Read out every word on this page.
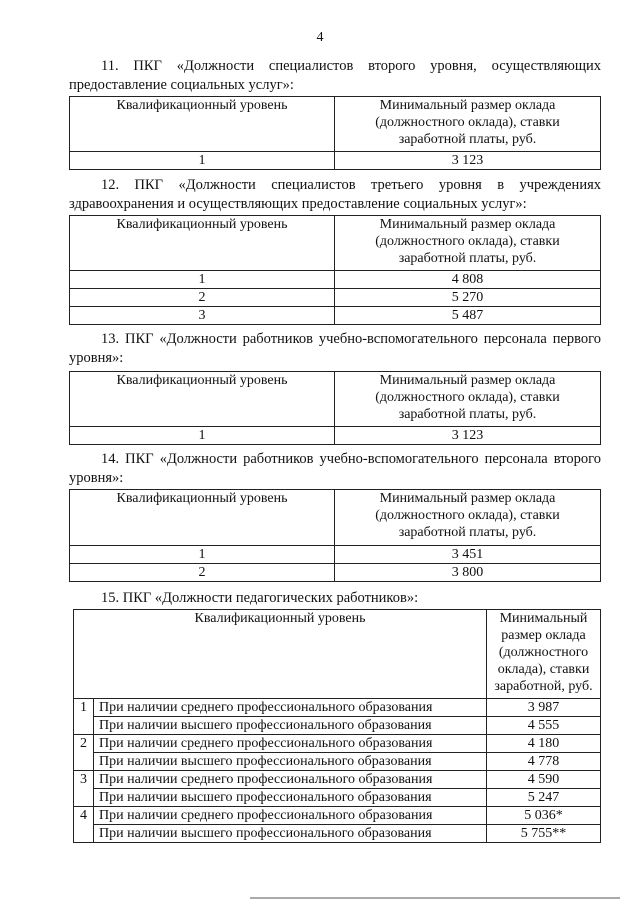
4
11. ПКГ «Должности специалистов второго уровня, осуществляющих предоставление социальных услуг»:
Квалификационный уровень	Минимальный размер оклада
(должностного оклада), ставки
заработной платы, руб.

1	3 123
12. ПКГ «Должности специалистов третьего уровня в учреждениях здравоохранения и осуществляющих предоставление социальных услуг»:
Квалификационный уровень	Минимальный размер оклада
(должностного оклада), ставки
заработной платы, руб.

1	4 808
2	5 270
3	5 487
13. ПКГ «Должности работников учебно-вспомогательного персонала первого уровня»:
Квалификационный уровень	Минимальный размер оклада
(должностного оклада), ставки
заработной платы, руб.

1	3 123
14. ПКГ «Должности работников учебно-вспомогательного персонала второго уровня»:
Квалификационный уровень	Минимальный размер оклада
(должностного оклада), ставки
заработной платы, руб.

1	3 451
2	3 800
15. ПКГ «Должности педагогических работников»:
Квалификационный уровень		Минимальный
размер оклада
(должностного
оклада), ставки
заработной, руб.

1	При наличии среднего профессионального образования	3 987
	При наличии высшего профессионального образования	4 555
2	При наличии среднего профессионального образования	4 180
	При наличии высшего профессионального образования	4 778
3	При наличии среднего профессионального образования	4 590
	При наличии высшего профессионального образования	5 247
4	При наличии среднего профессионального образования	5 036*
	При наличии высшего профессионального образования	5 755**
